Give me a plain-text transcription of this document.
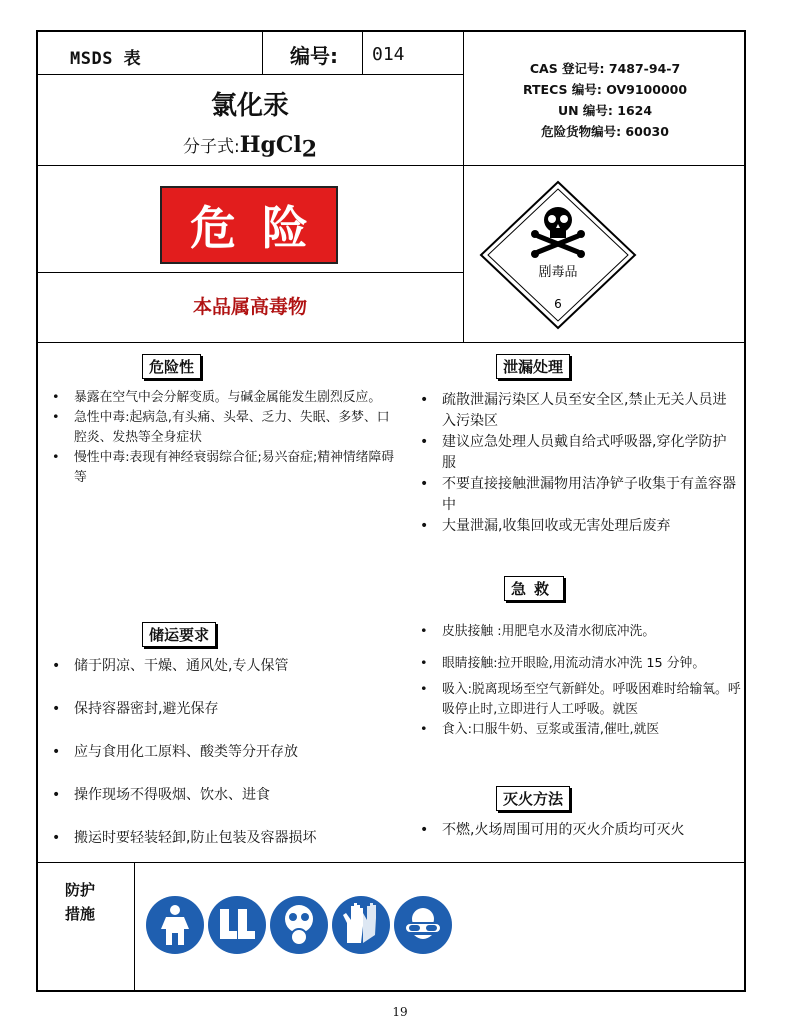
MSDS 表	编号: 014
CAS 登记号: 7487-94-7
RTECS 编号: OV9100000
UN 编号: 1624
危险货物编号: 60030
氯化汞
分子式:HgCl$_2$
危险
本品属高毒物
剧毒品
6
危险性
• 暴露在空气中会分解变质。与碱金属能发生剧烈反应。
• 急性中毒:起病急,有头痛、头晕、乏力、失眠、多梦、口腔炎、发热等全身症状
• 慢性中毒:表现有神经衰弱综合征;易兴奋症;精神情绪障碍等
泄漏处理
• 疏散泄漏污染区人员至安全区,禁止无关人员进入污染区
• 建议应急处理人员戴自给式呼吸器,穿化学防护服
• 不要直接接触泄漏物用洁净铲子收集于有盖容器中
• 大量泄漏,收集回收或无害处理后废弃
急救
• 皮肤接触 :用肥皂水及清水彻底冲洗。
• 眼睛接触:拉开眼睑,用流动清水冲洗 15 分钟。
• 吸入:脱离现场至空气新鲜处。呼吸困难时给输氧。呼吸停止时,立即进行人工呼吸。就医
• 食入:口服牛奶、豆浆或蛋清,催吐,就医
储运要求
• 储于阴凉、干燥、通风处,专人保管
• 保持容器密封,避光保存
• 应与食用化工原料、酸类等分开存放
• 操作现场不得吸烟、饮水、进食
• 搬运时要轻装轻卸,防止包装及容器损坏
灭火方法
• 不燃,火场周围可用的灭火介质均可灭火
防护措施
19
